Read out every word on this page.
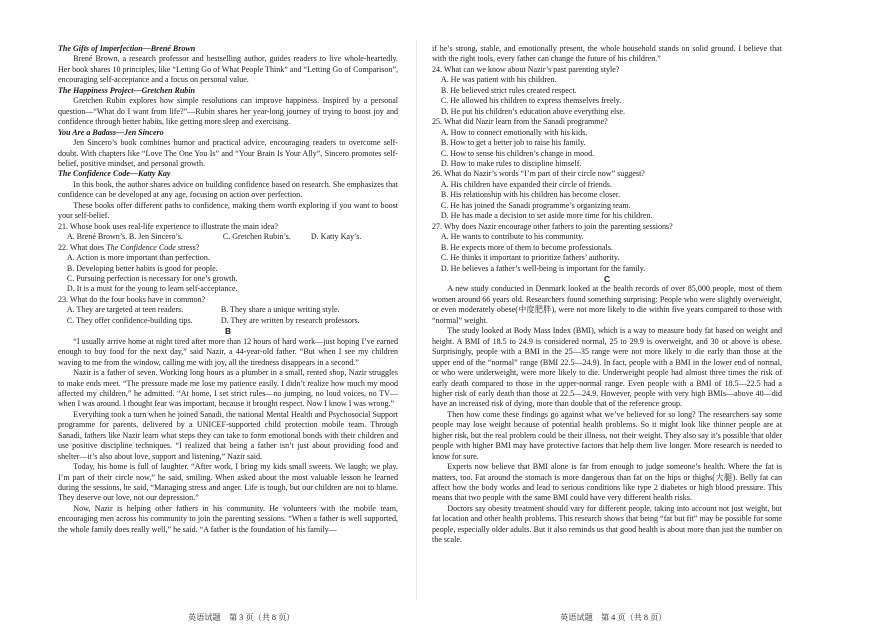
The Gifts of Imperfection—Brené Brown

Brené Brown, a research professor and bestselling author, guides readers to live whole-heartedly. Her book shares 10 principles, like “Letting Go of What People Think” and “Letting Go of Comparison”, encouraging self-acceptance and a focus on personal value.

The Happiness Project—Gretchen Rubin

Gretchen Rubin explores how simple resolutions can improve happiness. Inspired by a personal question—“What do I want from life?”—Rubin shares her year-long journey of trying to boost joy and confidence through better habits, like getting more sleep and exercising.

You Are a Badass—Jen Sincero

Jen Sincero’s book combines humor and practical advice, encouraging readers to overcome self-doubt. With chapters like “Love The One You Is” and “Your Brain Is Your Ally”, Sincero promotes self-belief, positive mindset, and personal growth.

The Confidence Code—Katty Kay

In this book, the author shares advice on building confidence based on research. She emphasizes that confidence can be developed at any age, focusing on action over perfection.

These books offer different paths to confidence, making them worth exploring if you want to boost your self-belief.

21. Whose book uses real-life experience to illustrate the main idea?

A. Brené Brown’s. B. Jen Sincero’s.	C. Gretchen Rubin’s.	D. Katty Kay’s.

22. What does The Confidence Code stress?

A. Action is more important than perfection.

B. Developing better habits is good for people.

C. Pursuing perfection is necessary for one’s growth.

D. It is a must for the young to learn self-acceptance.

23. What do the four books have in common?

A. They are targeted at teen readers.	B. They share a unique writing style.
C. They offer confidence-building tips.	D. They are written by research professors.

B

“I usually arrive home at night tired after more than 12 hours of hard work—just hoping I’ve earned enough to buy food for the next day,” said Nazir, a 44-year-old father. “But when I see my children waving to me from the window, calling me with joy, all the tiredness disappears in a second.”

Nazir is a father of seven. Working long hours as a plumber in a small, rented shop, Nazir struggles to make ends meet. “The pressure made me lose my patience easily. I didn’t realize how much my mood affected my children,” he admitted. “At home, I set strict rules—no jumping, no loud voices, no TV—when I was around. I thought fear was important, because it brought respect. Now I know I was wrong.”

Everything took a turn when he joined Sanadi, the national Mental Health and Psychosocial Support programme for parents, delivered by a UNICEF-supported child protection mobile team. Through Sanadi, fathers like Nazir learn what steps they can take to form emotional bonds with their children and use positive discipline techniques. “I realized that being a father isn’t just about providing food and shelter—it’s also about love, support and listening,” Nazir said.

Today, his home is full of laughter. “After work, I bring my kids small sweets. We laugh; we play. I’m part of their circle now,” he said, smiling. When asked about the most valuable lesson he learned during the sessions, he said, “Managing stress and anger. Life is tough, but our children are not to blame. They deserve our love, not our depression.”

Now, Nazir is helping other fathers in his community. He volunteers with the mobile team, encouraging men across his community to join the parenting sessions. “When a father is well supported, the whole family does really well,” he said. “A father is the foundation of his family—

if he’s strong, stable, and emotionally present, the whole household stands on solid ground. I believe that with the right tools, every father can change the future of his children.”

24. What can we know about Nazir’s past parenting style?

A. He was patient with his children.

B. He believed strict rules created respect.

C. He allowed his children to express themselves freely.

D. He put his children’s education above everything else.

25. What did Nazir learn from the Sanadi programme?

A. How to connect emotionally with his kids.

B. How to get a better job to raise his family.

C. How to sense his children’s change in mood.

D. How to make rules to discipline himself.

26. What do Nazir’s words “I’m part of their circle now” suggest?

A. His children have expanded their circle of friends.

B. His relationship with his children has become closer.

C. He has joined the Sanadi programme’s organizing team.

D. He has made a decision to set aside more time for his children.

27. Why does Nazir encourage other fathers to join the parenting sessions?

A. He wants to contribute to his community.

B. He expects more of them to become professionals.

C. He thinks it important to prioritize fathers’ authority.

D. He believes a father’s well-being is important for the family.

C

A new study conducted in Denmark looked at the health records of over 85,000 people, most of them women around 66 years old. Researchers found something surprising: People who were slightly overweight, or even moderately obese(中度肥胖), were not more likely to die within five years compared to those with “normal” weight.

The study looked at Body Mass Index (BMI), which is a way to measure body fat based on weight and height. A BMI of 18.5 to 24.9 is considered normal, 25 to 29.9 is overweight, and 30 or above is obese. Surprisingly, people with a BMI in the 25—35 range were not more likely to die early than those at the upper end of the “normal” range (BMI 22.5—24.9). In fact, people with a BMI in the lower end of normal, or who were underweight, were more likely to die. Underweight people had almost three times the risk of early death compared to those in the upper-normal range. Even people with a BMI of 18.5—22.5 had a higher risk of early death than those at 22.5—24.9. However, people with very high BMIs—above 40—did have an increased risk of dying, more than double that of the reference group.

Then how come these findings go against what we’ve believed for so long? The researchers say some people may lose weight because of potential health problems. So it might look like thinner people are at higher risk, but the real problem could be their illness, not their weight. They also say it’s possible that older people with higher BMI may have protective factors that help them live longer. More research is needed to know for sure.

Experts now believe that BMI alone is far from enough to judge someone’s health. Where the fat is matters, too. Fat around the stomach is more dangerous than fat on the hips or thighs(大腿). Belly fat can affect how the body works and lead to serious conditions like type 2 diabetes or high blood pressure. This means that two people with the same BMI could have very different health risks.

Doctors say obesity treatment should vary for different people, taking into account not just weight, but fat location and other health problems. This research shows that being “fat but fit” may be possible for some people, especially older adults. But it also reminds us that good health is about more than just the number on the scale.

英语试题　第 3 页（共 8 页）	英语试题　第 4 页（共 8 页）
